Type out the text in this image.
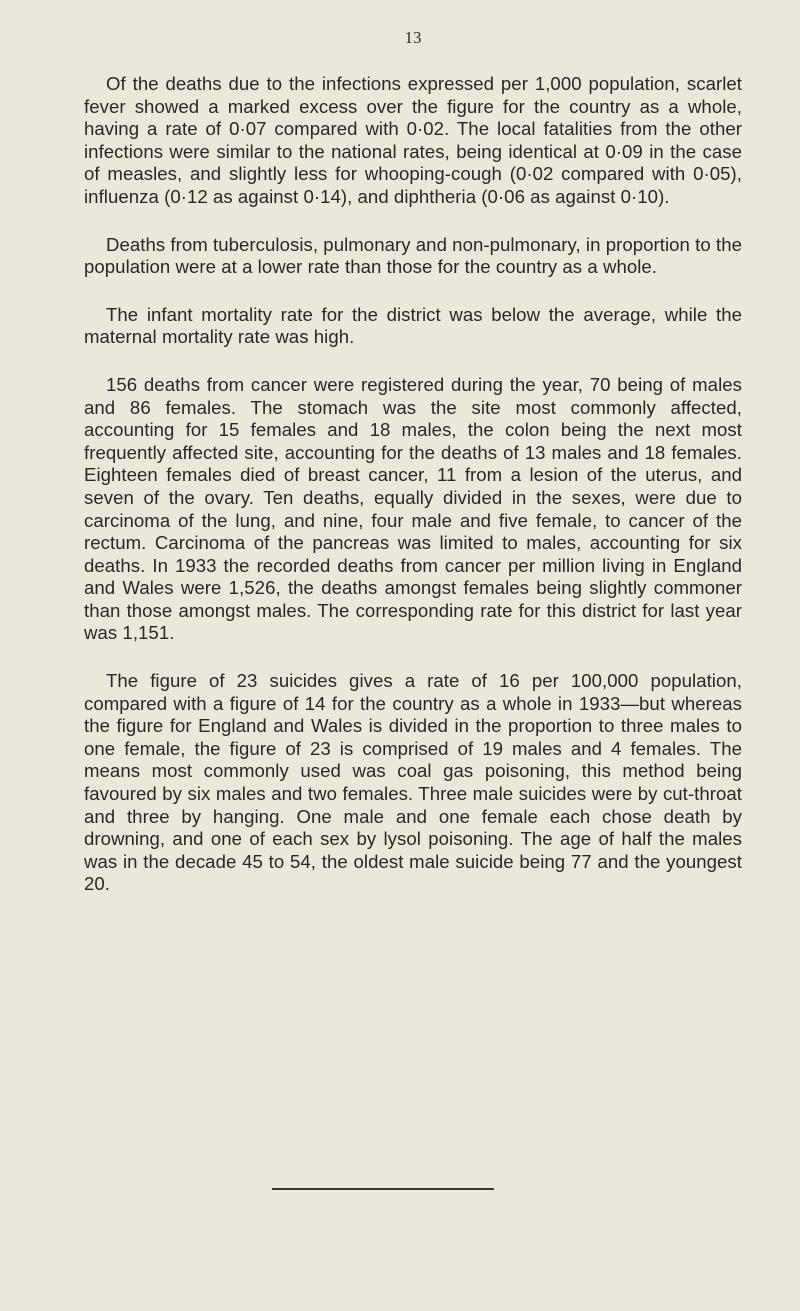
13

Of the deaths due to the infections expressed per 1,000 population, scarlet fever showed a marked excess over the figure for the country as a whole, having a rate of 0·07 compared with 0·02. The local fatalities from the other infections were similar to the national rates, being identical at 0·09 in the case of measles, and slightly less for whooping-cough (0·02 compared with 0·05), influenza (0·12 as against 0·14), and diphtheria (0·06 as against 0·10).

Deaths from tuberculosis, pulmonary and non-pulmonary, in proportion to the population were at a lower rate than those for the country as a whole.

The infant mortality rate for the district was below the average, while the maternal mortality rate was high.

156 deaths from cancer were registered during the year, 70 being of males and 86 females. The stomach was the site most commonly affected, accounting for 15 females and 18 males, the colon being the next most frequently affected site, accounting for the deaths of 13 males and 18 females. Eighteen females died of breast cancer, 11 from a lesion of the uterus, and seven of the ovary. Ten deaths, equally divided in the sexes, were due to carcinoma of the lung, and nine, four male and five female, to cancer of the rectum. Carcinoma of the pancreas was limited to males, accounting for six deaths. In 1933 the recorded deaths from cancer per million living in England and Wales were 1,526, the deaths amongst females being slightly commoner than those amongst males. The corresponding rate for this district for last year was 1,151.

The figure of 23 suicides gives a rate of 16 per 100,000 population, compared with a figure of 14 for the country as a whole in 1933—but whereas the figure for England and Wales is divided in the proportion to three males to one female, the figure of 23 is comprised of 19 males and 4 females. The means most commonly used was coal gas poisoning, this method being favoured by six males and two females. Three male suicides were by cut-throat and three by hanging. One male and one female each chose death by drowning, and one of each sex by lysol poisoning. The age of half the males was in the decade 45 to 54, the oldest male suicide being 77 and the youngest 20.
